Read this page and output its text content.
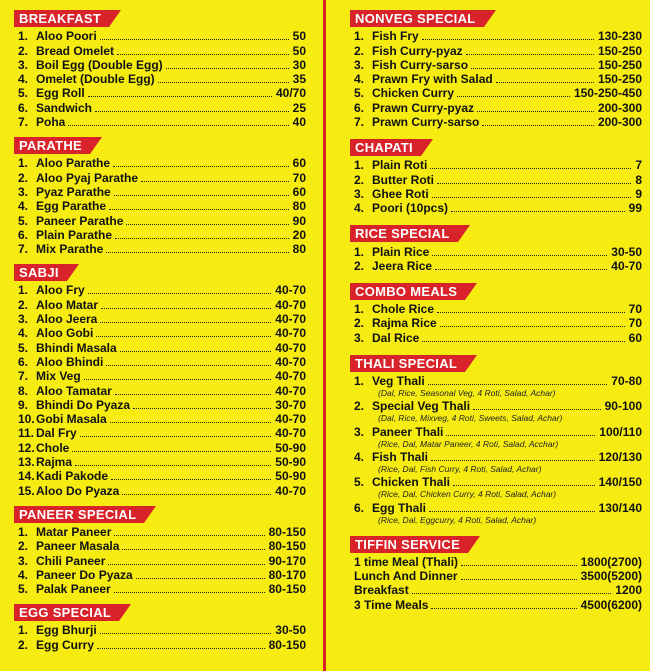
BREAKFAST
1. Aloo Poori	50
2. Bread Omelet	50
3. Boil Egg (Double Egg)	30
4. Omelet (Double Egg)	35
5. Egg Roll	40/70
6. Sandwich	25
7. Poha	40
PARATHE
1. Aloo Parathe	60
2. Aloo Pyaj Parathe	70
3. Pyaz Parathe	60
4. Egg Parathe	80
5. Paneer Parathe	90
6. Plain Parathe	20
7. Mix Parathe	80
SABJI
1. Aloo Fry	40-70
2. Aloo Matar	40-70
3. Aloo Jeera	40-70
4. Aloo Gobi	40-70
5. Bhindi Masala	40-70
6. Aloo Bhindi	40-70
7. Mix Veg	40-70
8. Aloo Tamatar	40-70
9. Bhindi Do Pyaza	30-70
10. Gobi Masala	40-70
11. Dal Fry	40-70
12. Chole	50-90
13. Rajma	50-90
14. Kadi Pakode	50-90
15. Aloo Do Pyaza	40-70
PANEER SPECIAL
1. Matar Paneer	80-150
2. Paneer Masala	80-150
3. Chili Paneer	90-170
4. Paneer Do Pyaza	80-170
5. Palak Paneer	80-150
EGG SPECIAL
1. Egg Bhurji	30-50
2. Egg Curry	80-150
NONVEG SPECIAL
1. Fish Fry	130-230
2. Fish Curry-pyaz	150-250
3. Fish Curry-sarso	150-250
4. Prawn Fry with Salad	150-250
5. Chicken Curry	150-250-450
6. Prawn Curry-pyaz	200-300
7. Prawn Curry-sarso	200-300
CHAPATI
1. Plain Roti	7
2. Butter Roti	8
3. Ghee Roti	9
4. Poori (10pcs)	99
RICE SPECIAL
1. Plain Rice	30-50
2. Jeera Rice	40-70
COMBO MEALS
1. Chole Rice	70
2. Rajma Rice	70
3. Dal Rice	60
THALI SPECIAL
1. Veg Thali	70-80
(Dal, Rice, Seasonal Veg, 4 Roti, Salad, Achar)
2. Special Veg Thali	90-100
(Dal, Rice, Mixveg, 4 Roti, Sweets, Salad, Achar)
3. Paneer Thali	100/110
(Rice, Dal, Matar Paneer, 4 Roti, Salad, Acchar)
4. Fish Thali	120/130
(Rice, Dal, Fish Curry, 4 Roti, Salad, Achar)
5. Chicken Thali	140/150
(Rice, Dal, Chicken Curry, 4 Roti, Salad, Achar)
6. Egg Thali	130/140
(Rice, Dal, Eggcurry, 4 Roti, Salad, Achar)
TIFFIN SERVICE
1 time Meal (Thali)	1800(2700)
Lunch And Dinner	3500(5200)
Breakfast	1200
3 Time Meals	4500(6200)
